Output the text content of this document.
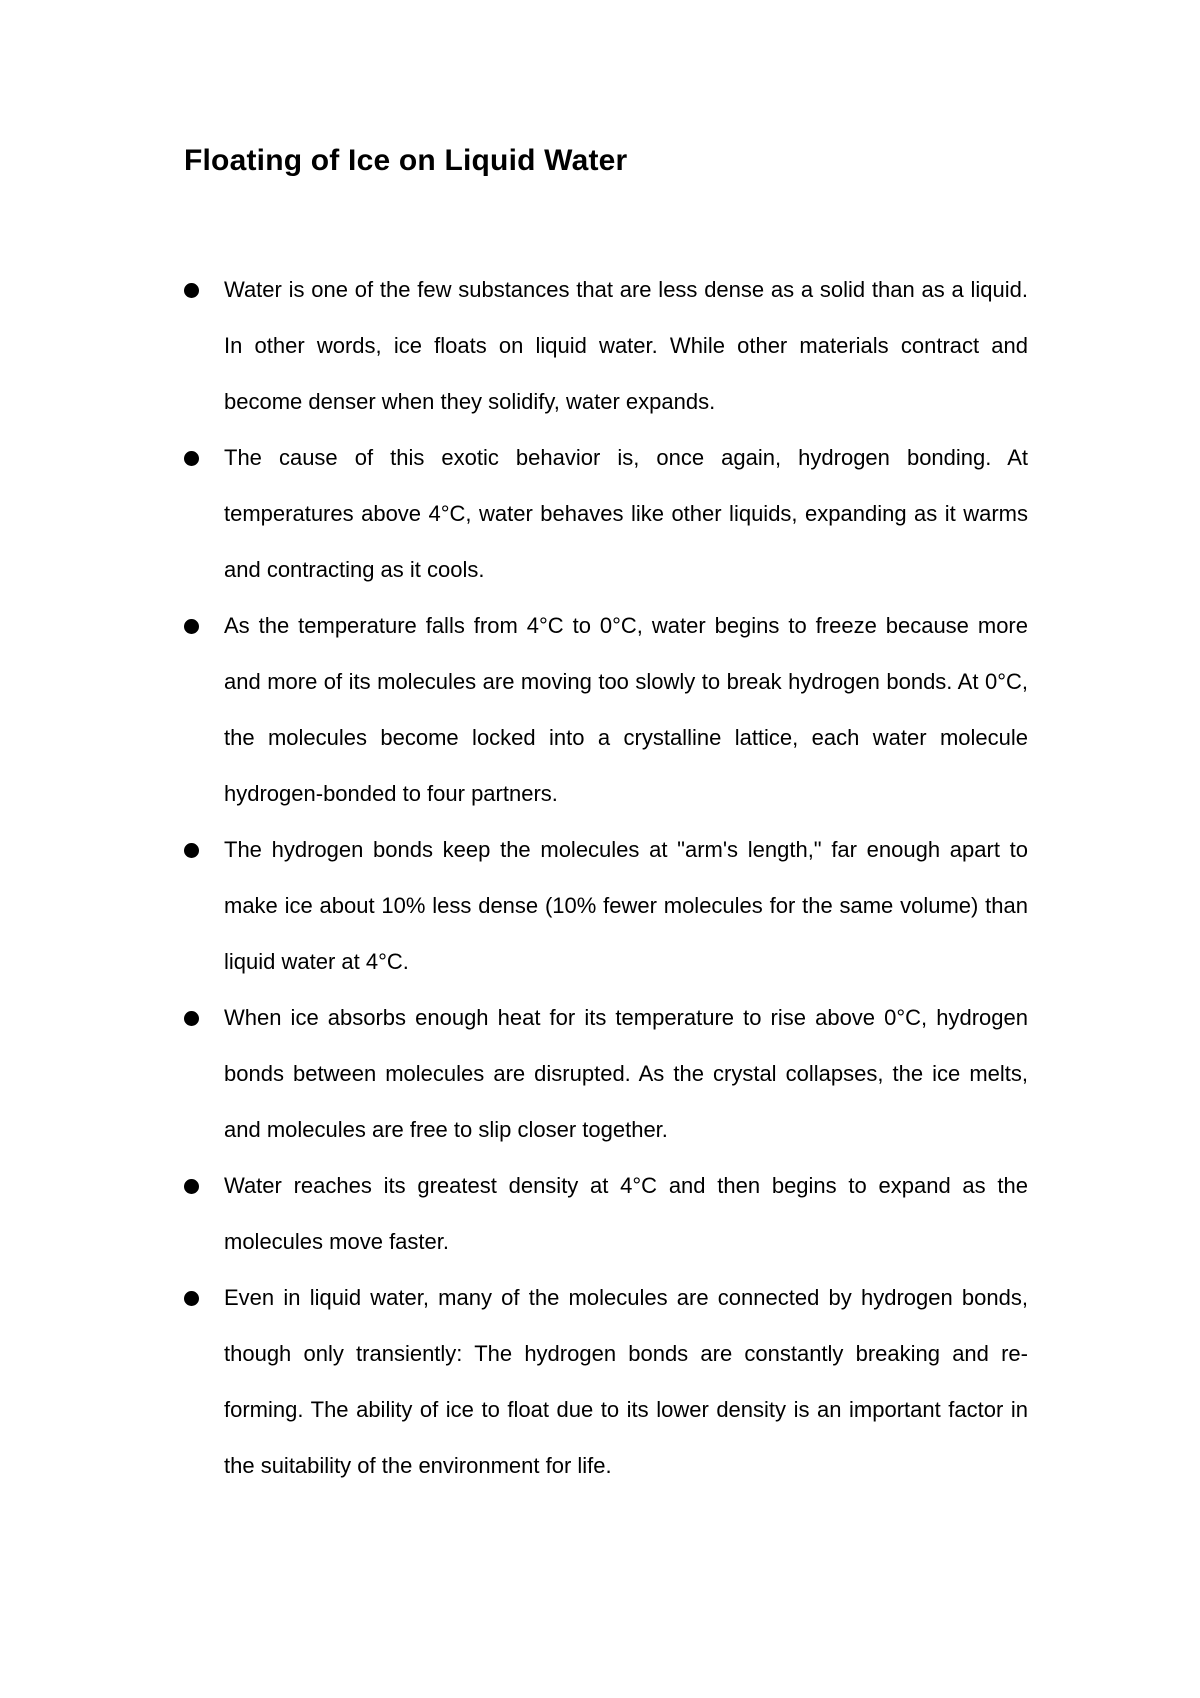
Floating of Ice on Liquid Water
Water is one of the few substances that are less dense as a solid than as a liquid. In other words, ice floats on liquid water. While other materials contract and become denser when they solidify, water expands.
The cause of this exotic behavior is, once again, hydrogen bonding. At temperatures above 4°C, water behaves like other liquids, expanding as it warms and contracting as it cools.
As the temperature falls from 4°C to 0°C, water begins to freeze because more and more of its molecules are moving too slowly to break hydrogen bonds. At 0°C, the molecules become locked into a crystalline lattice, each water molecule hydrogen-bonded to four partners.
The hydrogen bonds keep the molecules at "arm's length," far enough apart to make ice about 10% less dense (10% fewer molecules for the same volume) than liquid water at 4°C.
When ice absorbs enough heat for its temperature to rise above 0°C, hydrogen bonds between molecules are disrupted. As the crystal collapses, the ice melts, and molecules are free to slip closer together.
Water reaches its greatest density at 4°C and then begins to expand as the molecules move faster.
Even in liquid water, many of the molecules are connected by hydrogen bonds, though only transiently: The hydrogen bonds are constantly breaking and re-forming. The ability of ice to float due to its lower density is an important factor in the suitability of the environment for life.
